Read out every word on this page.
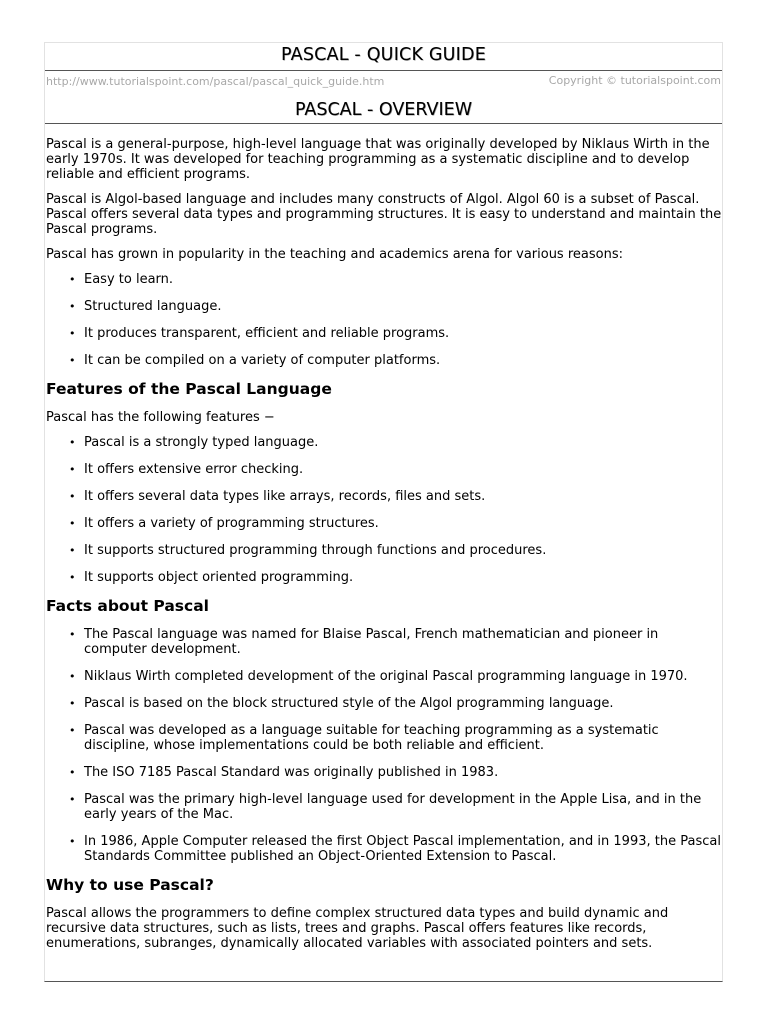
PASCAL - QUICK GUIDE
http://www.tutorialspoint.com/pascal/pascal_quick_guide.htm	Copyright © tutorialspoint.com
PASCAL - OVERVIEW

Pascal is a general-purpose, high-level language that was originally developed by Niklaus Wirth in the early 1970s. It was developed for teaching programming as a systematic discipline and to develop reliable and efficient programs.

Pascal is Algol-based language and includes many constructs of Algol. Algol 60 is a subset of Pascal. Pascal offers several data types and programming structures. It is easy to understand and maintain the Pascal programs.

Pascal has grown in popularity in the teaching and academics arena for various reasons:

• Easy to learn.
• Structured language.
• It produces transparent, efficient and reliable programs.
• It can be compiled on a variety of computer platforms.
Features of the Pascal Language

Pascal has the following features −

• Pascal is a strongly typed language.
• It offers extensive error checking.
• It offers several data types like arrays, records, files and sets.
• It offers a variety of programming structures.
• It supports structured programming through functions and procedures.
• It supports object oriented programming.
Facts about Pascal
• The Pascal language was named for Blaise Pascal, French mathematician and pioneer in computer development.
• Niklaus Wirth completed development of the original Pascal programming language in 1970.
• Pascal is based on the block structured style of the Algol programming language.
• Pascal was developed as a language suitable for teaching programming as a systematic discipline, whose implementations could be both reliable and efficient.
• The ISO 7185 Pascal Standard was originally published in 1983.
• Pascal was the primary high-level language used for development in the Apple Lisa, and in the early years of the Mac.
• In 1986, Apple Computer released the first Object Pascal implementation, and in 1993, the Pascal Standards Committee published an Object-Oriented Extension to Pascal.
Why to use Pascal?

Pascal allows the programmers to define complex structured data types and build dynamic and recursive data structures, such as lists, trees and graphs. Pascal offers features like records, enumerations, subranges, dynamically allocated variables with associated pointers and sets.
